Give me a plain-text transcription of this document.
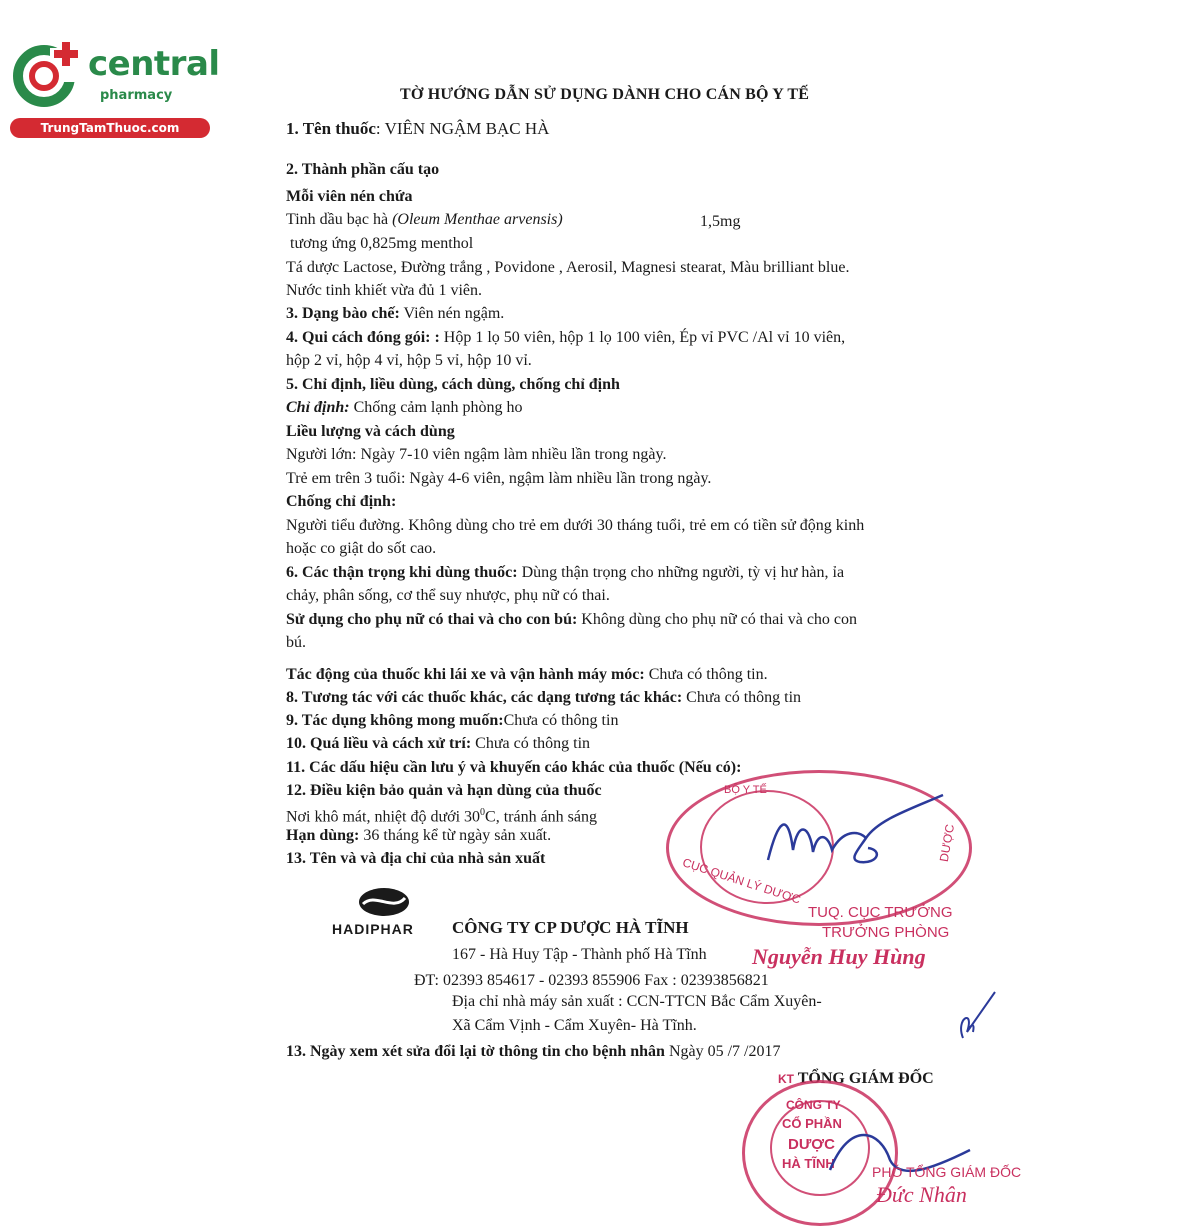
central
pharmacy
TrungTamThuoc.com
TỜ HƯỚNG DẪN SỬ DỤNG DÀNH CHO CÁN BỘ Y TẾ
1. Tên thuốc: VIÊN NGẬM BẠC HÀ
2. Thành phần cấu tạo
Mỗi viên nén chứa
Tinh dầu bạc hà (Oleum Menthae arvensis)	1,5mg
tương ứng 0,825mg menthol
Tá dược Lactose, Đường trắng , Povidone , Aerosil, Magnesi stearat, Màu brilliant blue.
Nước tinh khiết vừa đủ 1 viên.
3. Dạng bào chế: Viên nén ngậm.
4. Qui cách đóng gói: : Hộp 1 lọ 50 viên, hộp 1 lọ 100 viên, Ép vỉ PVC /Al vỉ 10 viên,
hộp 2 vỉ, hộp 4 vỉ, hộp 5 vỉ, hộp 10 vỉ.
5. Chỉ định, liều dùng, cách dùng, chống chỉ định
Chỉ định: Chống cảm lạnh phòng ho
Liều lượng và cách dùng
Người lớn: Ngày 7-10 viên ngậm làm nhiều lần trong ngày.
Trẻ em trên 3 tuổi: Ngày 4-6 viên, ngậm làm nhiều lần trong ngày.
Chống chỉ định:
Người tiểu đường. Không dùng cho trẻ em dưới 30 tháng tuổi, trẻ em có tiền sử động kinh
hoặc co giật do sốt cao.
6. Các thận trọng khi dùng thuốc: Dùng thận trọng cho những người, tỳ vị hư hàn, ỉa
chảy, phân sống, cơ thể suy nhược, phụ nữ có thai.
Sử dụng cho phụ nữ có thai và cho con bú: Không dùng cho phụ nữ có thai và cho con
bú.
Tác động của thuốc khi lái xe và vận hành máy móc: Chưa có thông tin.
8. Tương tác với các thuốc khác, các dạng tương tác khác: Chưa có thông tin
9. Tác dụng không mong muốn:Chưa có thông tin
10. Quá liều và cách xử trí: Chưa có thông tin
11. Các dấu hiệu cần lưu ý và khuyến cáo khác của thuốc (Nếu có):
12. Điều kiện bảo quản và hạn dùng của thuốc
Nơi khô mát, nhiệt độ dưới $30^0C$, tránh ánh sáng
Hạn dùng: 36 tháng kể từ ngày sản xuất.
13. Tên và và địa chỉ của nhà sản xuất
HADIPHAR CÔNG TY CP DƯỢC HÀ TĨNH
167 - Hà Huy Tập - Thành phố Hà Tĩnh
ĐT: 02393 854617 - 02393 855906 Fax : 02393856821
Địa chỉ nhà máy sản xuất : CCN-TTCN Bắc Cẩm Xuyên-
Xã Cẩm Vịnh - Cẩm Xuyên- Hà Tĩnh.
13. Ngày xem xét sửa đổi lại tờ thông tin cho bệnh nhân Ngày 05 /7 /2017
BỘ Y TẾ
CỤC QUẢN LÝ DƯỢC
DƯỢC
TUQ. CỤC TRƯỞNG
TRƯỞNG PHÒNG
Nguyễn Huy Hùng
KT TỔNG GIÁM ĐỐC
CÔNG TY
CỔ PHẦN
DƯỢC
HÀ TĨNH
PHÓ TỔNG GIÁM ĐỐC
Đức Nhân
